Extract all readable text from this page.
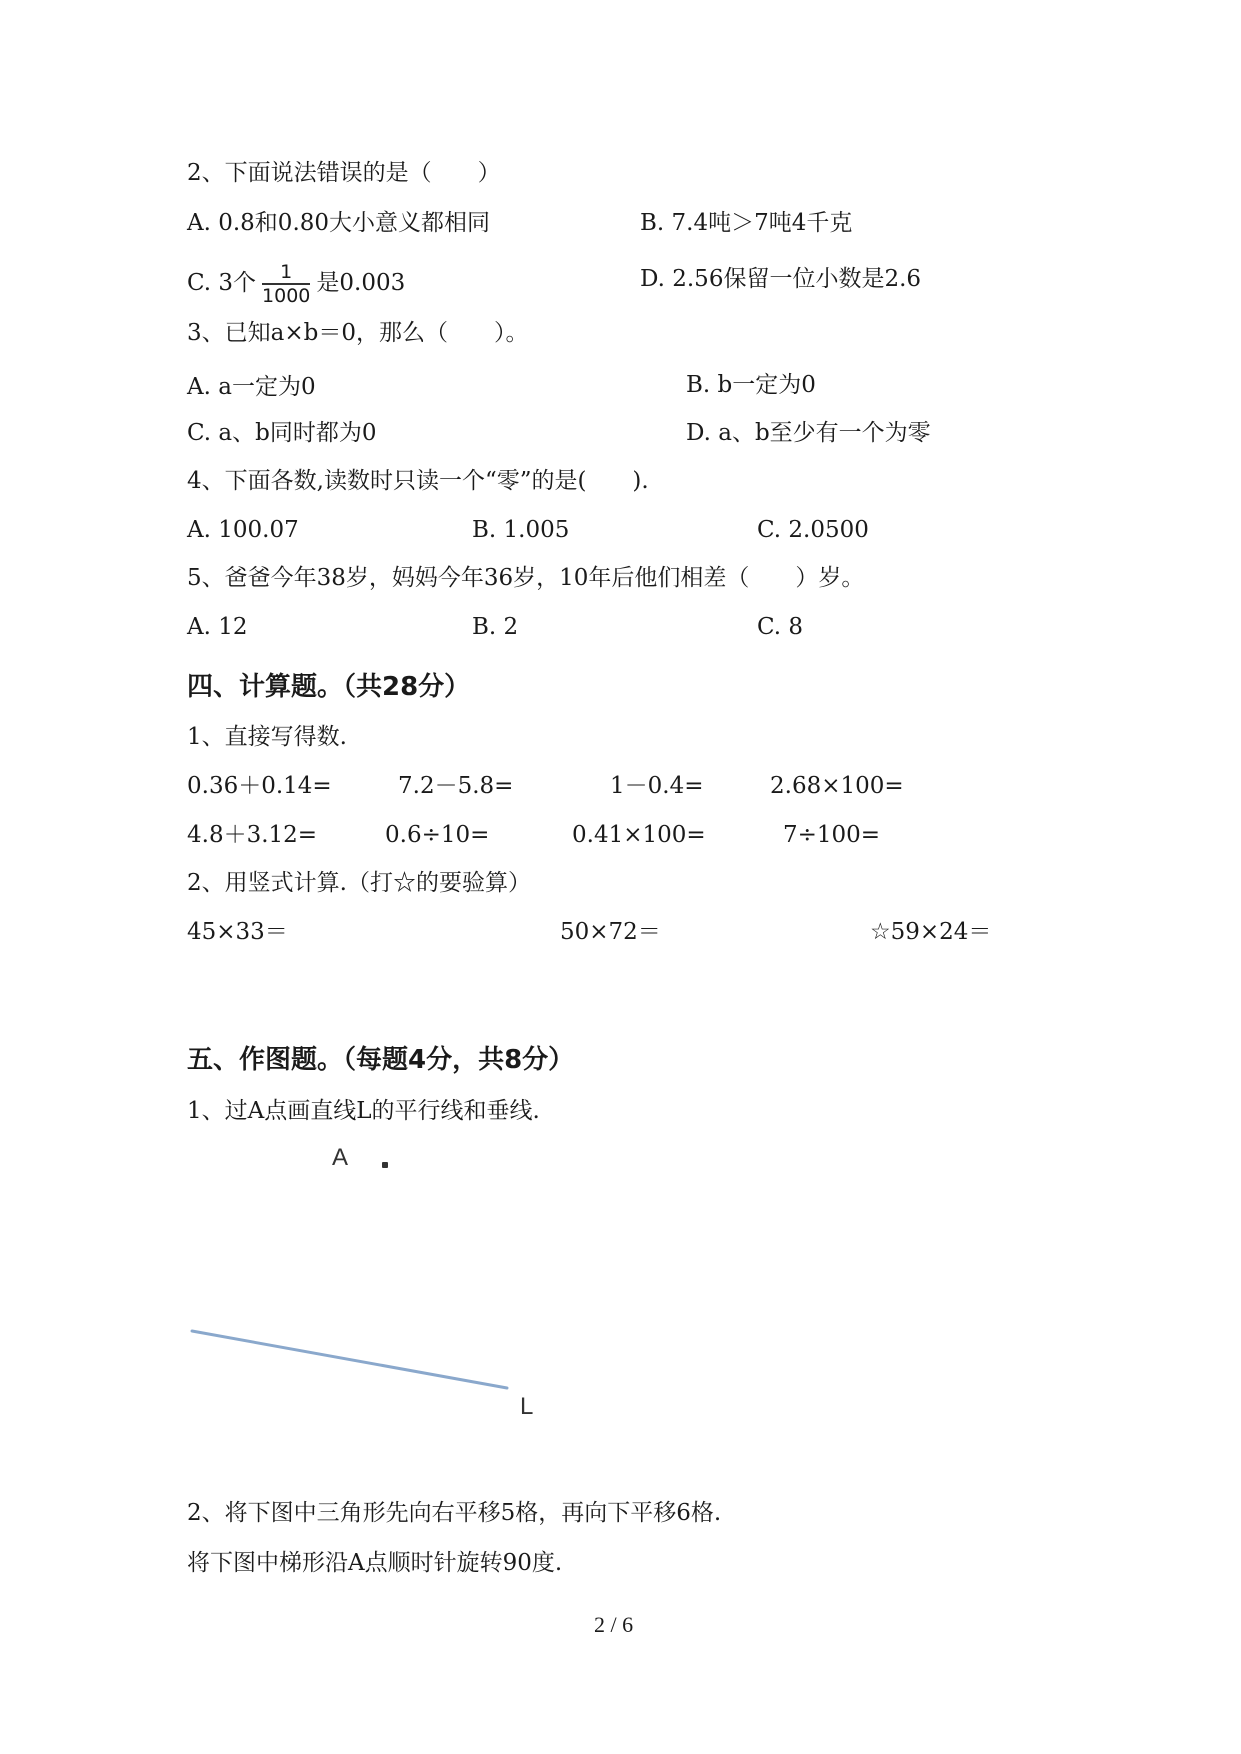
2、下面说法错误的是（　　）
A. 0.8和0.80大小意义都相同	B. 7.4吨＞7吨4千克
C. 3个 $\frac{1}{1000}$ 是0.003	D. 2.56保留一位小数是2.6
3、已知a×b＝0，那么（　　）。
A. a一定为0	B. b一定为0
C. a、b同时都为0	D. a、b至少有一个为零
4、下面各数,读数时只读一个“零”的是(　　).
A. 100.07	B. 1.005	C. 2.0500
5、爸爸今年38岁，妈妈今年36岁，10年后他们相差（　　）岁。
A. 12	B. 2	C. 8
四、计算题。（共28分）
1、直接写得数.
0.36＋0.14=	7.2－5.8=	1－0.4=	2.68×100=
4.8＋3.12=	0.6÷10=	0.41×100=	7÷100=
2、用竖式计算.（打☆的要验算）
45×33＝	50×72＝	☆59×24＝
五、作图题。（每题4分，共8分）
1、过A点画直线L的平行线和垂线.
A
L
2、将下图中三角形先向右平移5格，再向下平移6格.
将下图中梯形沿A点顺时针旋转90度.
2 / 6
